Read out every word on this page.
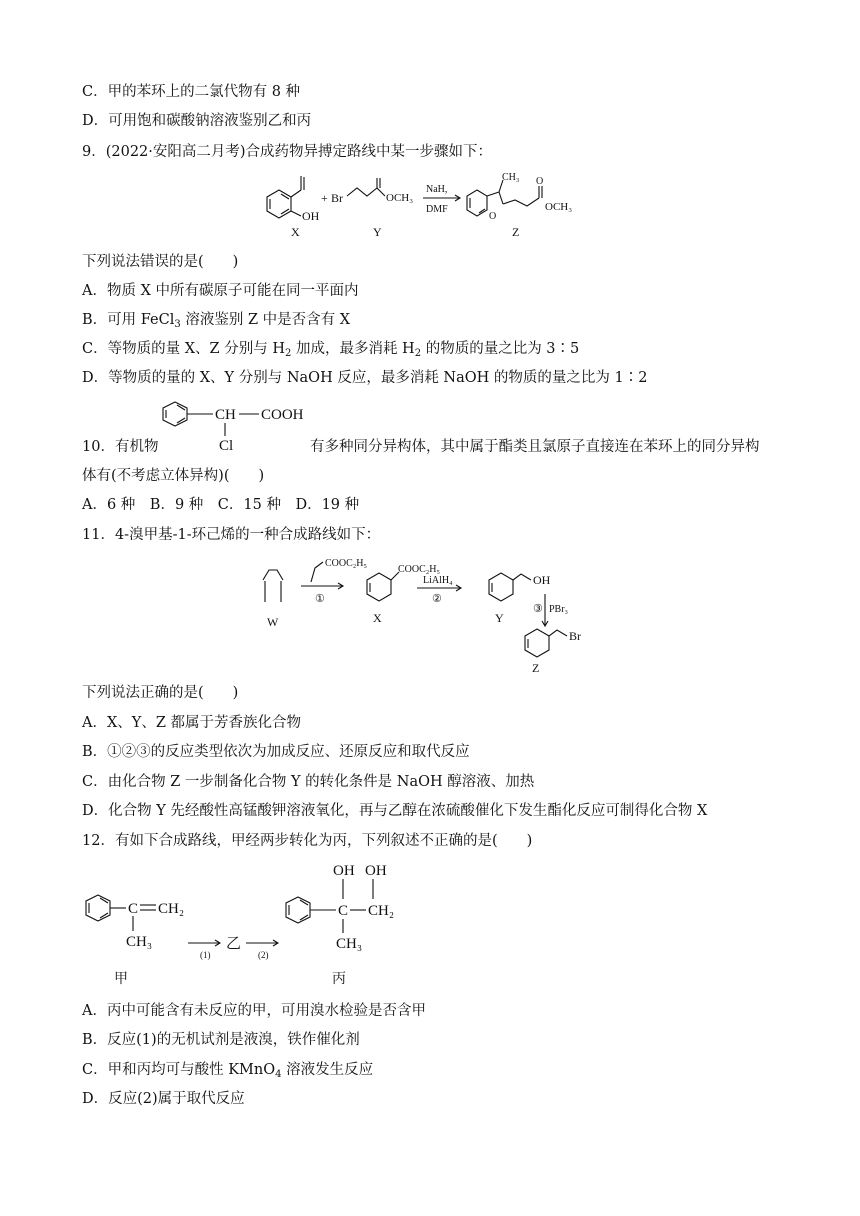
C．甲的苯环上的二氯代物有 8 种
D．可用饱和碳酸钠溶液鉴别乙和丙
9．(2022·安阳高二月考)合成药物异搏定路线中某一步骤如下：
OH
X
+ Br	OCH₃
Y
NaH,
DMF
O
CH₃ O
OCH₃
Z
下列说法错误的是(　　)
A．物质 X 中所有碳原子可能在同一平面内
B．可用 FeCl$_3$ 溶液鉴别 Z 中是否含有 X
C．等物质的量 X、Z 分别与 $H_2$ 加成，最多消耗 $H_2$ 的物质的量之比为 3∶5
D．等物质的量的 X、Y 分别与 NaOH 反应，最多消耗 NaOH 的物质的量之比为 1∶2
CH COOH
Cl
10．有机物	有多种同分异构体，其中属于酯类且氯原子直接连在苯环上的同分异构
体有(不考虑立体异构)(　　)
A．6 种　B．9 种　C．15 种　D．19 种
11．4-溴甲基-1-环己烯的一种合成路线如下：
W
COOC₂H₅
①
COOC₂H₅
X
LiAlH₄
②
OH
Y
③ PBr₃
Br
Z
下列说法正确的是(　　)
A．X、Y、Z 都属于芳香族化合物
B．①②③的反应类型依次为加成反应、还原反应和取代反应
C．由化合物 Z 一步制备化合物 Y 的转化条件是 NaOH 醇溶液、加热
D．化合物 Y 先经酸性高锰酸钾溶液氧化，再与乙醇在浓硫酸催化下发生酯化反应可制得化合物 X
12．有如下合成路线，甲经两步转化为丙，下列叙述不正确的是(　　)
C CH₂
CH₃
甲
(1)
乙
(2)
C CH₂
OH OH
CH₃
丙
A．丙中可能含有未反应的甲，可用溴水检验是否含甲
B．反应(1)的无机试剂是液溴，铁作催化剂
C．甲和丙均可与酸性 KMnO$_4$ 溶液发生反应
D．反应(2)属于取代反应
